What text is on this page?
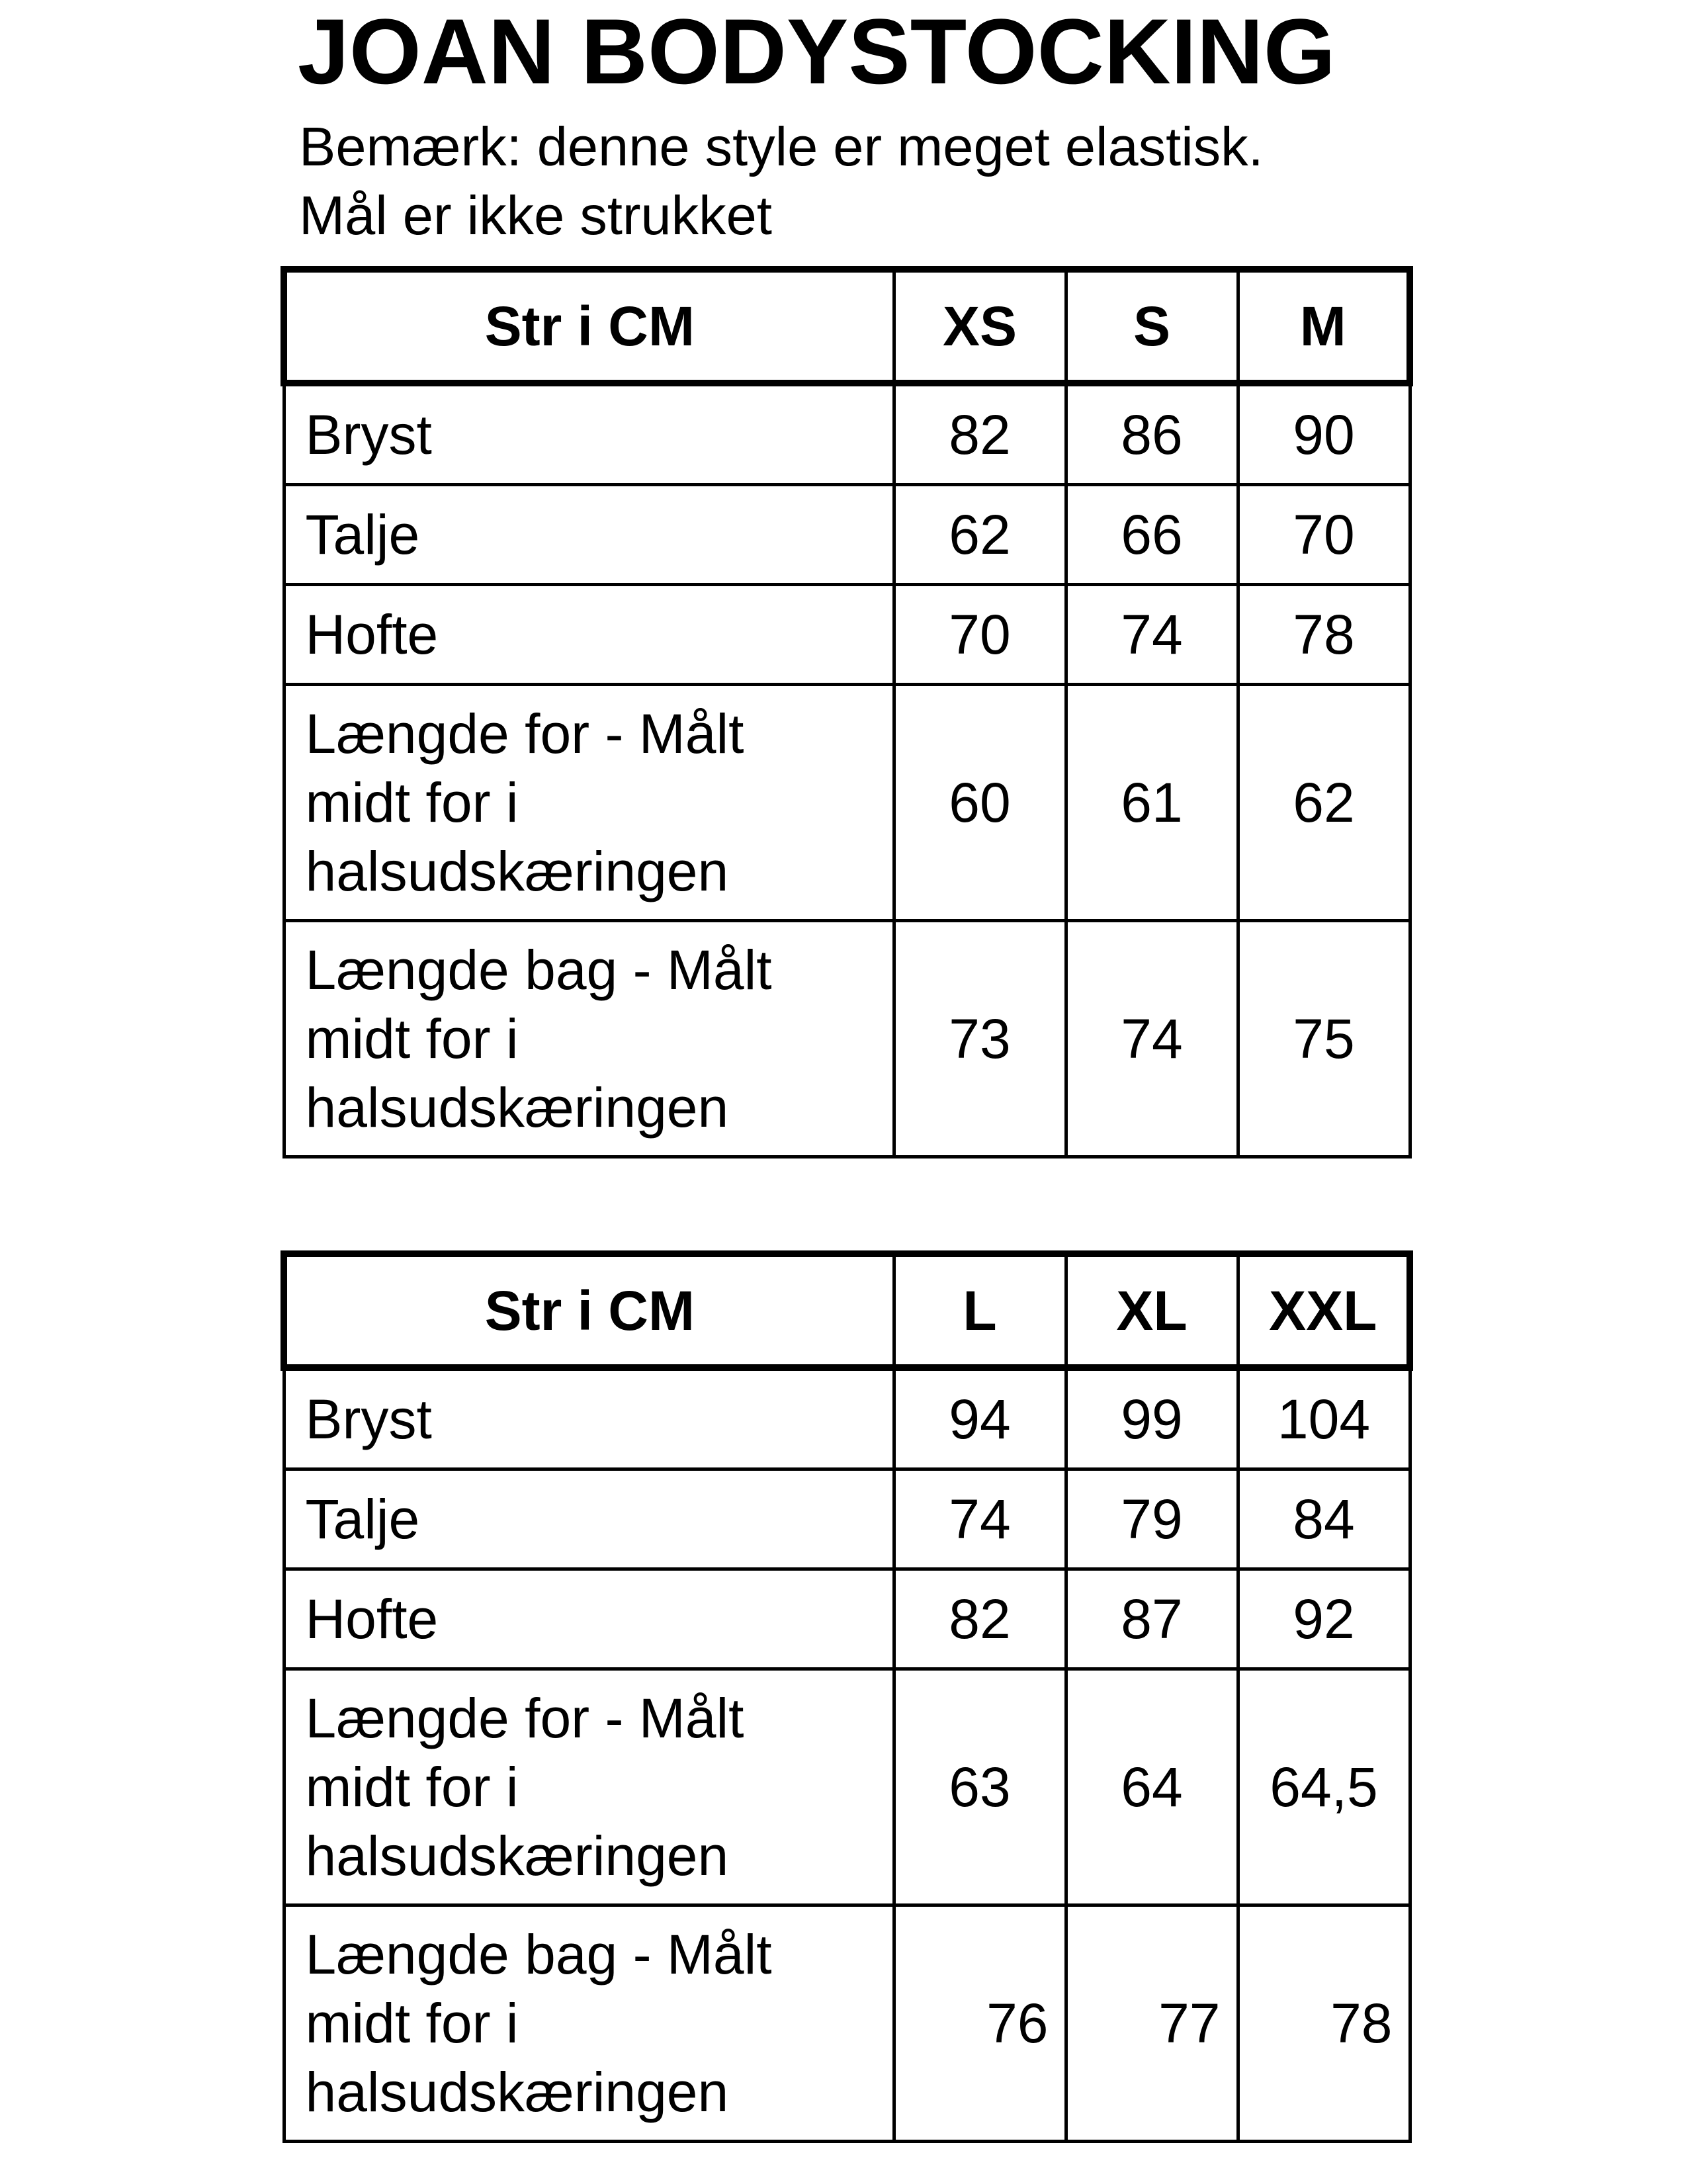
JOAN BODYSTOCKING
Bemærk: denne style er meget elastisk.
Mål er ikke strukket
Str i CM	XS	S	M
Bryst	82	86	90
Talje	62	66	70
Hofte	70	74	78

Længde for - Målt
midt for i
halsudskæringen	60	61	62

Længde bag - Målt
midt for i
halsudskæringen	73	74	75
Str i CM	L	XL	XXL
Bryst	94	99	104
Talje	74	79	84
Hofte	82	87	92

Længde for - Målt
midt for i
halsudskæringen	63	64	64,5

Længde bag - Målt
midt for i
halsudskæringen	76	77	78
